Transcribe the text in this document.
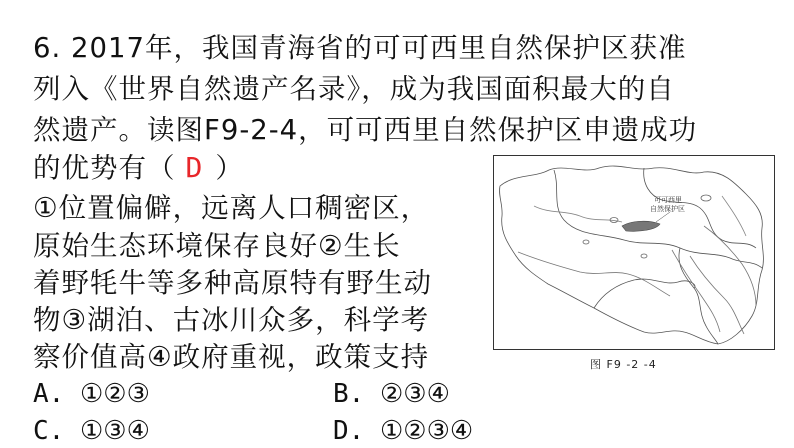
6. 2017年，我国青海省的可可西里自然保护区获准
列入《世界自然遗产名录》，成为我国面积最大的自
然遗产。读图F9-2-4，可可西里自然保护区申遗成功
的优势有（ D ）
①位置偏僻，远离人口稠密区，
原始生态环境保存良好②生长
着野牦牛等多种高原特有野生动
物③湖泊、古冰川众多，科学考
察价值高④政府重视，政策支持
A. ①②③	B. ②③④
C. ①③④	D. ①②③④
可可西里
自然保护区
图 F9 -2 -4
